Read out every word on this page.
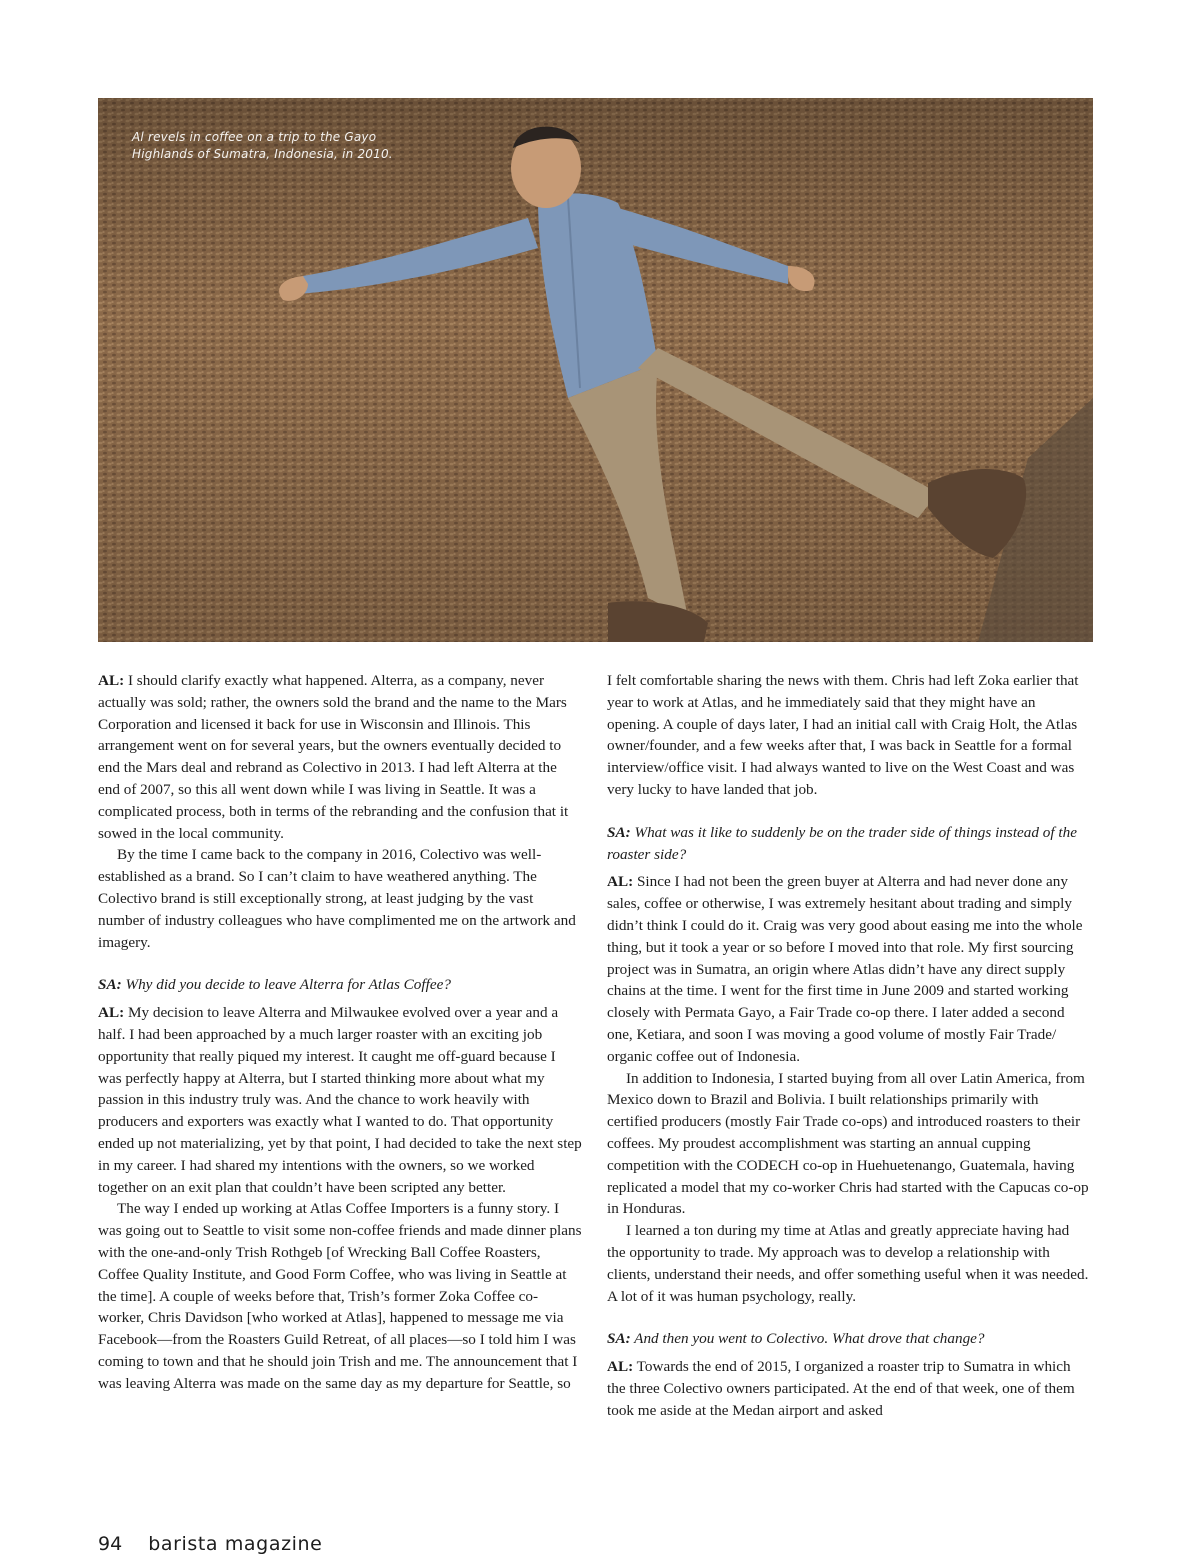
Al revels in coffee on a trip to the Gayo Highlands of Sumatra, Indonesia, in 2010.

AL: I should clarify exactly what happened. Alterra, as a company, never actually was sold; rather, the owners sold the brand and the name to the Mars Corporation and licensed it back for use in Wisconsin and Illinois. This arrangement went on for several years, but the owners eventually decided to end the Mars deal and rebrand as Colectivo in 2013. I had left Alterra at the end of 2007, so this all went down while I was living in Seattle. It was a complicated process, both in terms of the rebranding and the confusion that it sowed in the local community.

By the time I came back to the company in 2016, Colectivo was well-established as a brand. So I can’t claim to have weathered anything. The Colectivo brand is still exceptionally strong, at least judging by the vast number of industry colleagues who have complimented me on the artwork and imagery.

SA: Why did you decide to leave Alterra for Atlas Coffee?

AL: My decision to leave Alterra and Milwaukee evolved over a year and a half. I had been approached by a much larger roaster with an exciting job opportunity that really piqued my interest. It caught me off-guard because I was perfectly happy at Alterra, but I started thinking more about what my passion in this industry truly was. And the chance to work heavily with producers and exporters was exactly what I wanted to do. That opportunity ended up not materializing, yet by that point, I had decided to take the next step in my career. I had shared my intentions with the owners, so we worked together on an exit plan that couldn’t have been scripted any better.

The way I ended up working at Atlas Coffee Importers is a funny story. I was going out to Seattle to visit some non-coffee friends and made dinner plans with the one-and-only Trish Rothgeb [of Wrecking Ball Coffee Roasters, Coffee Quality Institute, and Good Form Coffee, who was living in Seattle at the time]. A couple of weeks before that, Trish’s former Zoka Coffee co-worker, Chris Davidson [who worked at Atlas], happened to message me via Facebook—from the Roasters Guild Retreat, of all places—so I told him I was coming to town and that he should join Trish and me. The announcement that I was leaving Alterra was made on the same day as my departure for Seattle, so

I felt comfortable sharing the news with them. Chris had left Zoka earlier that year to work at Atlas, and he immediately said that they might have an opening. A couple of days later, I had an initial call with Craig Holt, the Atlas owner/founder, and a few weeks after that, I was back in Seattle for a formal interview/office visit. I had always wanted to live on the West Coast and was very lucky to have landed that job.

SA: What was it like to suddenly be on the trader side of things instead of the roaster side?

AL: Since I had not been the green buyer at Alterra and had never done any sales, coffee or otherwise, I was extremely hesitant about trading and simply didn’t think I could do it. Craig was very good about easing me into the whole thing, but it took a year or so before I moved into that role. My first sourcing project was in Sumatra, an origin where Atlas didn’t have any direct supply chains at the time. I went for the first time in June 2009 and started working closely with Permata Gayo, a Fair Trade co-op there. I later added a second one, Ketiara, and soon I was moving a good volume of mostly Fair Trade/ organic coffee out of Indonesia.

In addition to Indonesia, I started buying from all over Latin America, from Mexico down to Brazil and Bolivia. I built relationships primarily with certified producers (mostly Fair Trade co-ops) and introduced roasters to their coffees. My proudest accomplishment was starting an annual cupping competition with the CODECH co-op in Huehuetenango, Guatemala, having replicated a model that my co-worker Chris had started with the Capucas co-op in Honduras.

I learned a ton during my time at Atlas and greatly appreciate having had the opportunity to trade. My approach was to develop a relationship with clients, understand their needs, and offer something useful when it was needed. A lot of it was human psychology, really.

SA: And then you went to Colectivo. What drove that change?

AL: Towards the end of 2015, I organized a roaster trip to Sumatra in which the three Colectivo owners participated. At the end of that week, one of them took me aside at the Medan airport and asked

94 barista magazine
